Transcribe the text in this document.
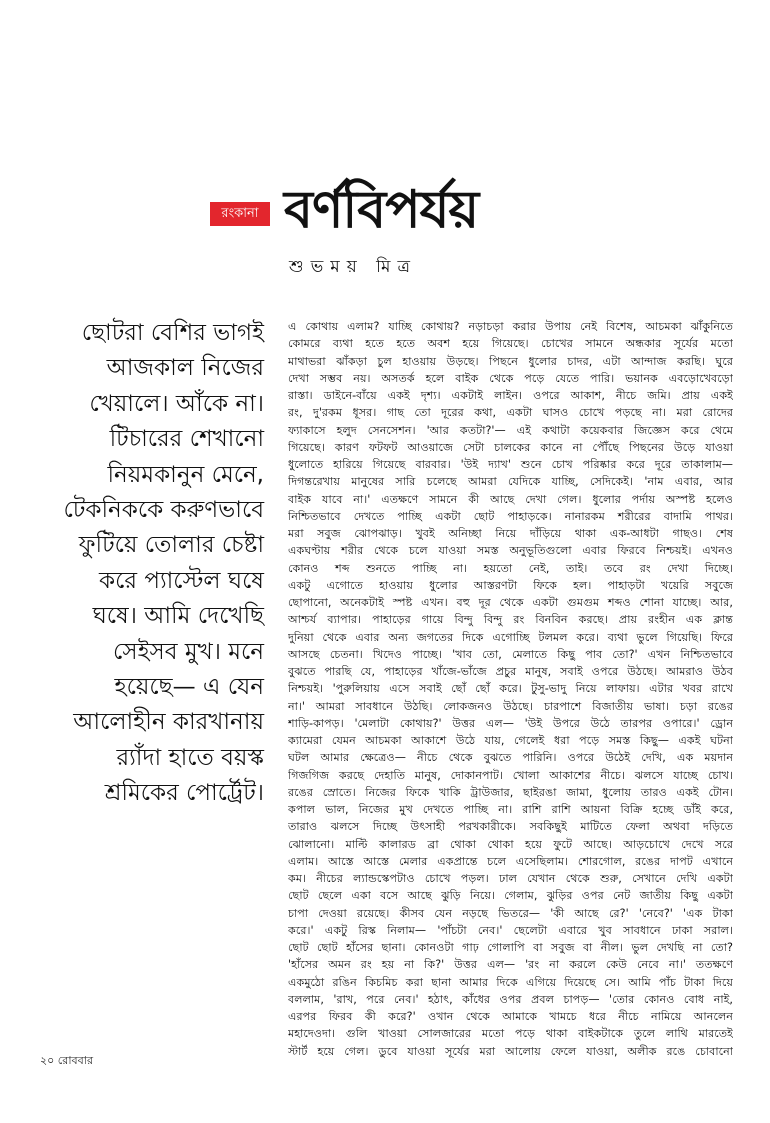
রংকানা বর্ণবিপর্যয়
শুভময় মিত্র
ছোটরা বেশির ভাগই
আজকাল নিজের
খেয়ালে। আঁকে না।
টিচারের শেখানো
নিয়মকানুন মেনে,
টেকনিককে করুণভাবে
ফুটিয়ে তোলার চেষ্টা
করে প্যাস্টেল ঘষে
ঘষে। আমি দেখেছি
সেইসব মুখ। মনে
হয়েছে— এ যেন
আলোহীন কারখানায়
র‍্যাঁদা হাতে বয়স্ক
শ্রমিকের পোর্ট্রেট।
এ কোথায় এলাম? যাচ্ছি কোথায়? নড়াচড়া করার উপায় নেই বিশেষ, আচমকা ঝাঁকুনিতে
কোমরে ব্যথা হতে হতে অবশ হয়ে গিয়েছে। চোখের সামনে অন্ধকার সূর্যের মতো
মাথাভরা ঝাঁকড়া চুল হাওয়ায় উড়ছে। পিছনে ধুলোর চাদর, এটা আন্দাজ করছি। ঘুরে
দেখা সম্ভব নয়। অসতর্ক হলে বাইক থেকে পড়ে যেতে পারি। ভয়ানক এবড়োখেবড়ো
রাস্তা। ডাইনে-বাঁয়ে একই দৃশ্য। একটাই লাইন। ওপরে আকাশ, নীচে জমি। প্রায় একই
রং, দু'রকম ধূসর। গাছ তো দূরের কথা, একটা ঘাসও চোখে পড়ছে না। মরা রোদের
ফ্যাকাসে হলুদ সেনসেশন। 'আর কতটা?'— এই কথাটা কয়েকবার জিজ্ঞেস করে থেমে
গিয়েছে। কারণ ফটফট আওয়াজে সেটা চালকের কানে না পৌঁছে পিছনের উড়ে যাওয়া
ধুলোতে হারিয়ে গিয়েছে বারবার। 'উই দ্যাখ' শুনে চোখ পরিষ্কার করে দূরে তাকালাম—
দিগন্তরেখায় মানুষের সারি চলেছে আমরা যেদিকে যাচ্ছি, সেদিকেই। 'নাম এবার, আর
বাইক যাবে না।' এতক্ষণে সামনে কী আছে দেখা গেল। ধুলোর পর্দায় অস্পষ্ট হলেও
নিশ্চিতভাবে দেখতে পাচ্ছি একটা ছোট পাহাড়কে। নানারকম শরীরের বাদামি পাথর।
মরা সবুজ ঝোপঝাড়। খুবই অনিচ্ছা নিয়ে দাঁড়িয়ে থাকা এক-আধটা গাছও। শেষ
একঘণ্টায় শরীর থেকে চলে যাওয়া সমস্ত অনুভূতিগুলো এবার ফিরবে নিশ্চয়ই। এখনও
কোনও শব্দ শুনতে পাচ্ছি না। হয়তো নেই, তাই। তবে রং দেখা দিচ্ছে।
একটু এগোতে হাওয়ায় ধুলোর আস্তরণটা ফিকে হল। পাহাড়টা খয়েরি সবুজে
ছোপানো, অনেকটাই স্পষ্ট এখন। বহু দূর থেকে একটা গুমগুম শব্দও শোনা যাচ্ছে। আর,
আশ্চর্য ব্যাপার। পাহাড়ের গায়ে বিন্দু বিন্দু রং বিনবিন করছে। প্রায় রংহীন এক ক্লান্ত
দুনিয়া থেকে এবার অন্য জগতের দিকে এগোচ্ছি টলমল করে। ব্যথা ভুলে গিয়েছি। ফিরে
আসছে চেতনা। খিদেও পাচ্ছে। 'খাব তো, মেলাতে কিছু পাব তো?' এখন নিশ্চিতভাবে
বুঝতে পারছি যে, পাহাড়ের খাঁজে-ভাঁজে প্রচুর মানুষ, সবাই ওপরে উঠছে। আমরাও উঠব
নিশ্চয়ই। 'পুরুলিয়ায় এসে সবাই ছোঁ ছোঁ করে। টুসু-ভাদু নিয়ে লাফায়। এটার খবর রাখে
না।' আমরা সাবধানে উঠছি। লোকজনও উঠছে। চারপাশে বিজাতীয় ভাষা। চড়া রঙের
শাড়ি-কাপড়। 'মেলাটা কোথায়?' উত্তর এল— 'উই উপরে উঠে তারপর ওপারে।' ড্রোন
ক্যামেরা যেমন আচমকা আকাশে উঠে যায়, গেলেই ধরা পড়ে সমস্ত কিছু— একই ঘটনা
ঘটল আমার ক্ষেত্রেও— নীচে থেকে বুঝতে পারিনি। ওপরে উঠেই দেখি, এক ময়দান
গিজগিজ করছে দেহাতি মানুষ, দোকানপাট। খোলা আকাশের নীচে। ঝলসে যাচ্ছে চোখ।
রঙের স্রোতে। নিজের ফিকে খাকি ট্রাউজার, ছাইরঙা জামা, ধুলোয় তারও একই টোন।
কপাল ভাল, নিজের মুখ দেখতে পাচ্ছি না। রাশি রাশি আয়না বিক্রি হচ্ছে ডাঁই করে,
তারাও ঝলসে দিচ্ছে উৎসাহী পরখকারীকে। সবকিছুই মাটিতে ফেলা অথবা দড়িতে
ঝোলানো। মাল্টি কালারড ব্রা থোকা থোকা হয়ে ফুটে আছে। আড়চোখে দেখে সরে
এলাম। আস্তে আস্তে মেলার একপ্রান্তে চলে এসেছিলাম। শোরগোল, রঙের দাপট এখানে
কম। নীচের ল্যান্ডস্কেপটাও চোখে পড়ল। ঢাল যেখান থেকে শুরু, সেখানে দেখি একটা
ছোট ছেলে একা বসে আছে ঝুড়ি নিয়ে। গেলাম, ঝুড়ির ওপর নেট জাতীয় কিছু একটা
চাপা দেওয়া রয়েছে। কীসব যেন নড়ছে ভিতরে— 'কী আছে রে?' 'নেবে?' 'এক টাকা
করে।' একটু রিস্ক নিলাম— 'পাঁচটা নেব।' ছেলেটা এবারে খুব সাবধানে ঢাকা সরাল।
ছোট ছোট হাঁসের ছানা। কোনওটা গাঢ় গোলাপি বা সবুজ বা নীল। ভুল দেখছি না তো?
'হাঁসের অমন রং হয় না কি?' উত্তর এল— 'রং না করলে কেউ নেবে না।' ততক্ষণে
একমুঠো রঙিন কিচমিচ করা ছানা আমার দিকে এগিয়ে দিয়েছে সে। আমি পাঁচ টাকা দিয়ে
বললাম, 'রাখ, পরে নেব।' হঠাৎ, কাঁধের ওপর প্রবল চাপড়— 'তোর কোনও বোধ নাই,
এরপর ফিরব কী করে?' ওখান থেকে আমাকে খামচে ধরে নীচে নামিয়ে আনলেন
মহাদেওদা। গুলি খাওয়া সোলজারের মতো পড়ে থাকা বাইকটাকে তুলে লাথি মারতেই
স্টার্ট হয়ে গেল। ডুবে যাওয়া সূর্যের মরা আলোয় ফেলে যাওয়া, অলীক রঙে চোবানো
২০ রোববার
